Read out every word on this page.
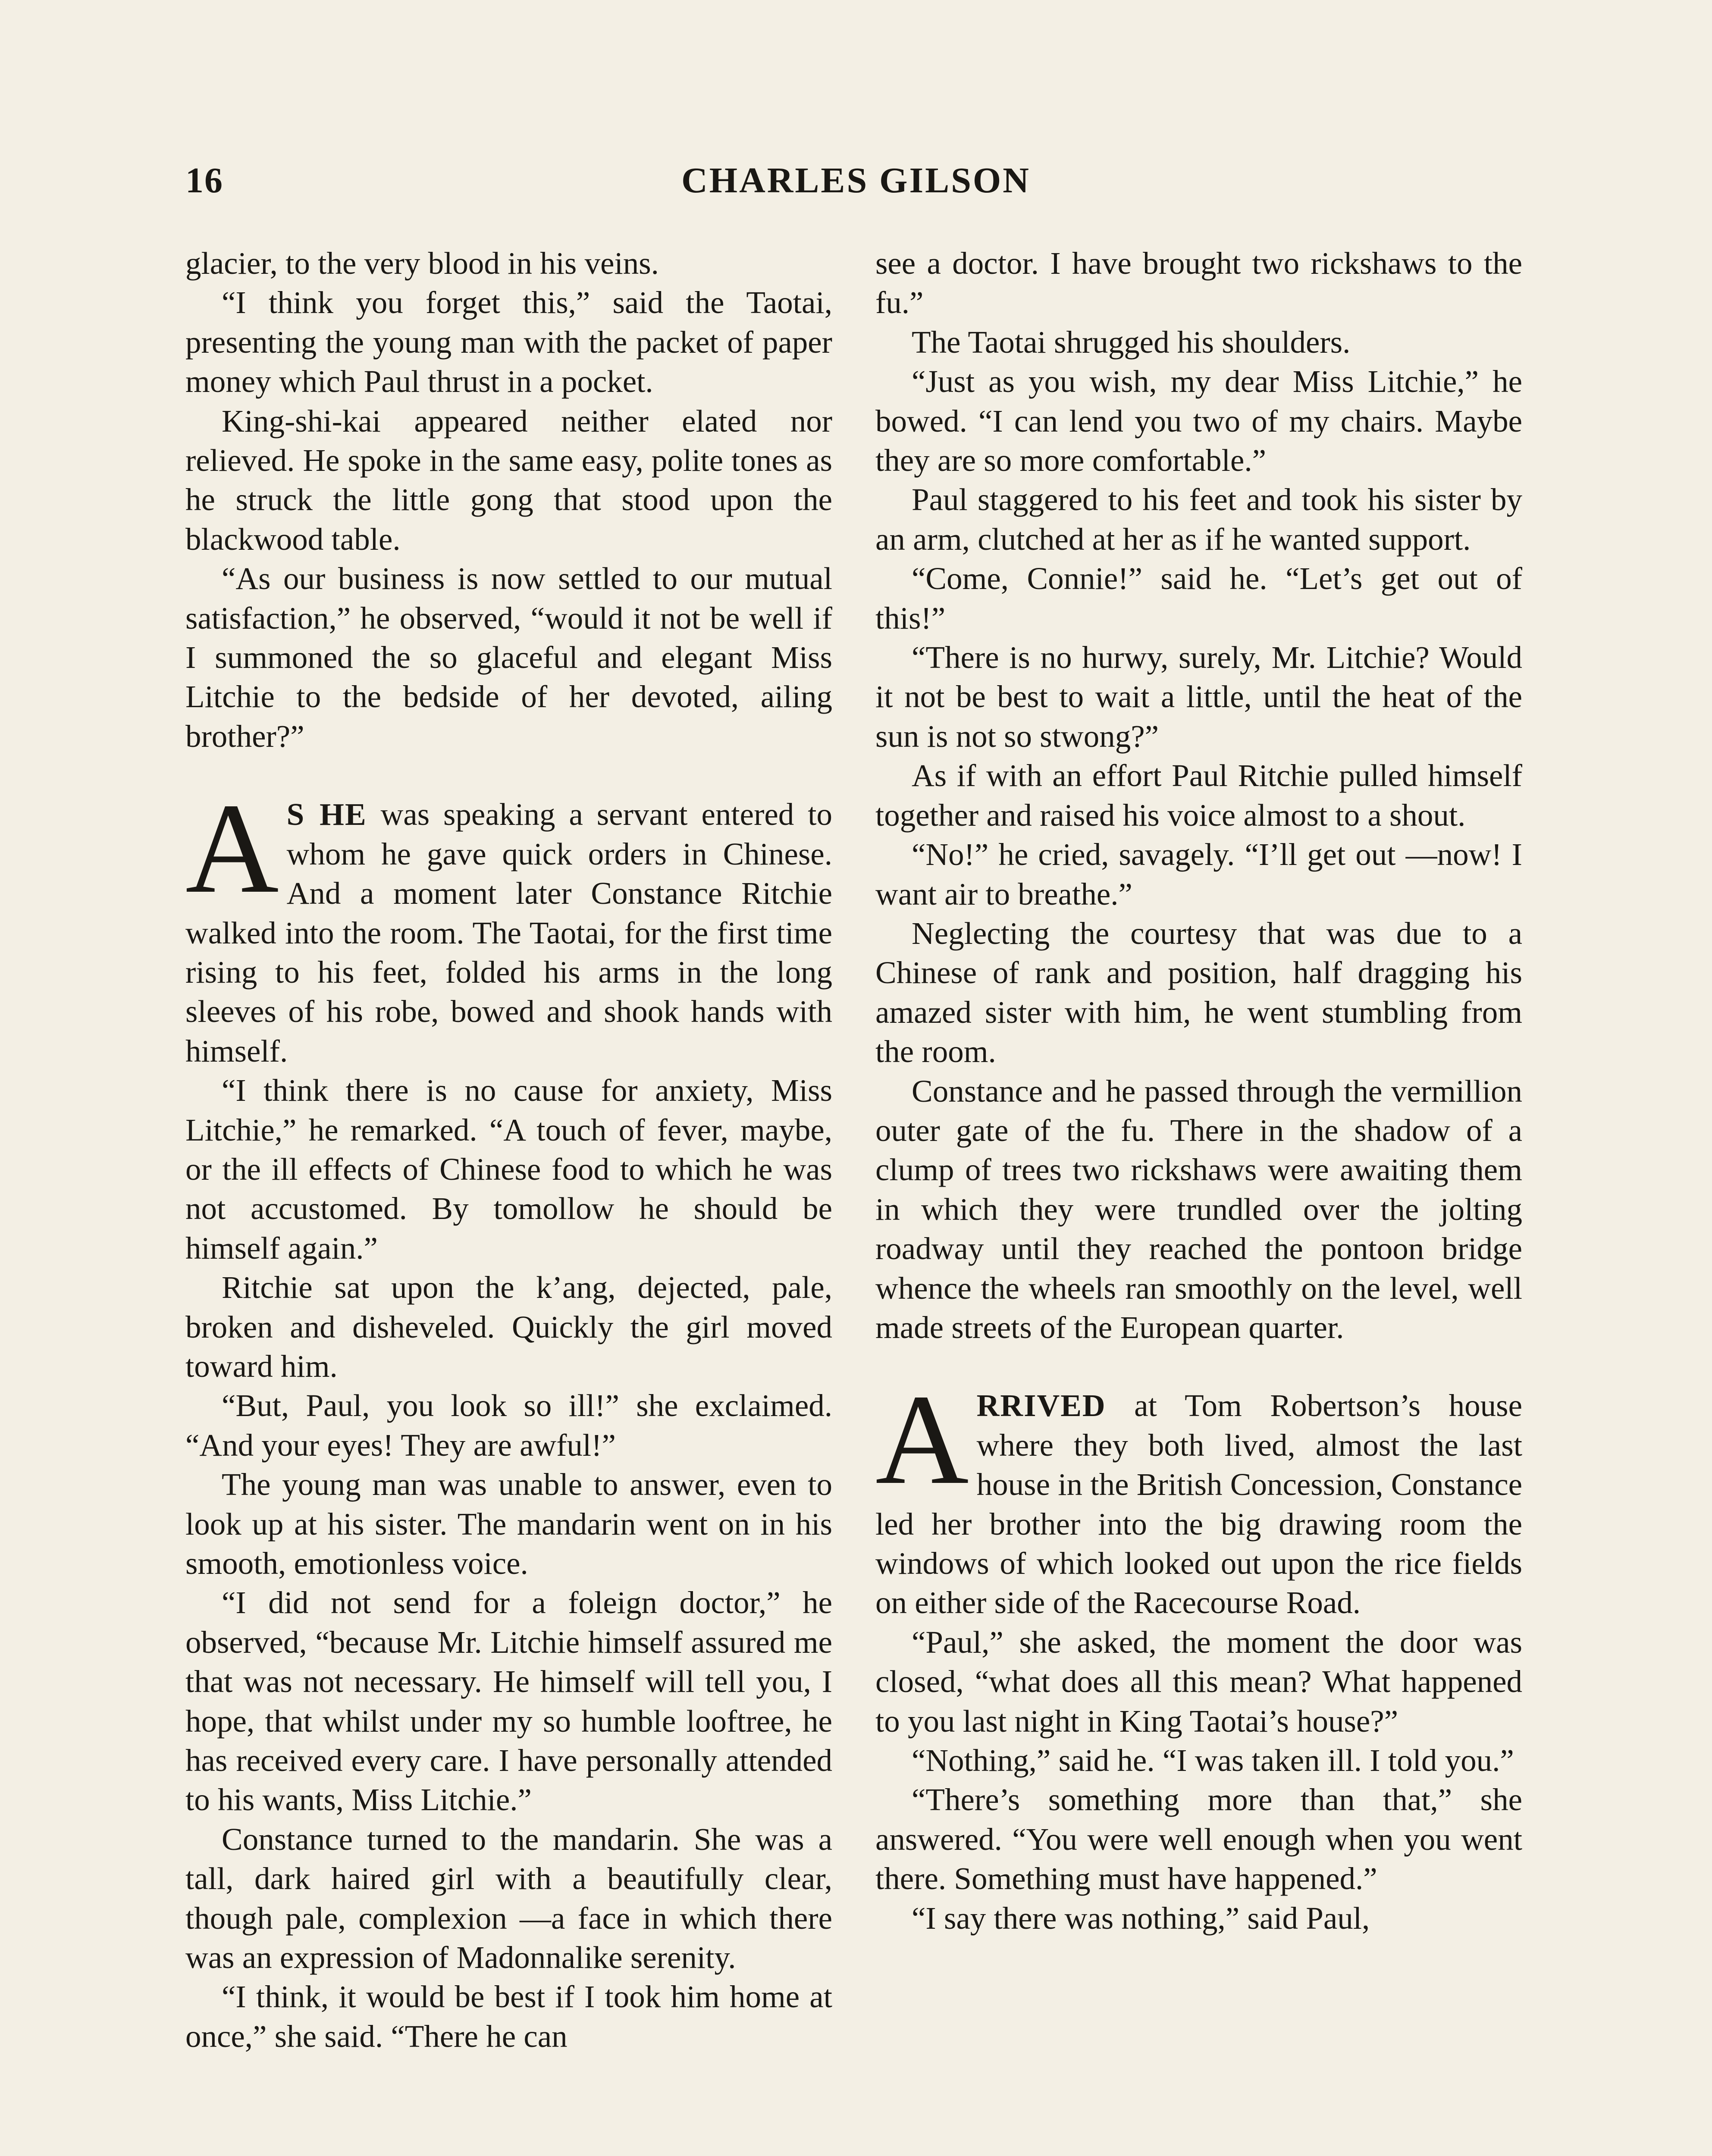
16	CHARLES GILSON

glacier, to the very blood in his veins.

“I think you forget this,” said the Taotai, presenting the young man with the packet of paper money which Paul thrust in a pocket.

King-shi-kai appeared neither elated nor relieved. He spoke in the same easy, polite tones as he struck the little gong that stood upon the blackwood table.

“As our business is now settled to our mutual satisfaction,” he observed, “would it not be well if I summoned the so glaceful and elegant Miss Litchie to the bedside of her devoted, ailing brother?”

A S HE was speaking a servant entered to whom he gave quick orders in Chinese. And a moment later Constance Ritchie walked into the room. The Taotai, for the first time rising to his feet, folded his arms in the long sleeves of his robe, bowed and shook hands with himself.

“I think there is no cause for anxiety, Miss Litchie,” he remarked. “A touch of fever, maybe, or the ill effects of Chinese food to which he was not accustomed. By tomollow he should be himself again.”

Ritchie sat upon the k’ang, dejected, pale, broken and disheveled. Quickly the girl moved toward him.

“But, Paul, you look so ill!” she exclaimed. “And your eyes! They are awful!”

The young man was unable to answer, even to look up at his sister. The mandarin went on in his smooth, emotionless voice.

“I did not send for a foleign doctor,” he observed, “because Mr. Litchie himself assured me that was not necessary. He himself will tell you, I hope, that whilst under my so humble looftree, he has received every care. I have personally attended to his wants, Miss Litchie.”

Constance turned to the mandarin. She was a tall, dark haired girl with a beautifully clear, though pale, complexion —a face in which there was an expression of Madonnalike serenity.

“I think, it would be best if I took him home at once,” she said. “There he can

see a doctor. I have brought two rickshaws to the fu.”

The Taotai shrugged his shoulders.

“Just as you wish, my dear Miss Litchie,” he bowed. “I can lend you two of my chairs. Maybe they are so more comfortable.”

Paul staggered to his feet and took his sister by an arm, clutched at her as if he wanted support.

“Come, Connie!” said he. “Let’s get out of this!”

“There is no hurwy, surely, Mr. Litchie? Would it not be best to wait a little, until the heat of the sun is not so stwong?”

As if with an effort Paul Ritchie pulled himself together and raised his voice almost to a shout.

“No!” he cried, savagely. “I’ll get out —now! I want air to breathe.”

Neglecting the courtesy that was due to a Chinese of rank and position, half dragging his amazed sister with him, he went stumbling from the room.

Constance and he passed through the vermillion outer gate of the fu. There in the shadow of a clump of trees two rickshaws were awaiting them in which they were trundled over the jolting roadway until they reached the pontoon bridge whence the wheels ran smoothly on the level, well made streets of the European quarter.

ARRIVED at Tom Robertson’s house where they both lived, almost the last house in the British Concession, Constance led her brother into the big drawing room the windows of which looked out upon the rice fields on either side of the Racecourse Road.

“Paul,” she asked, the moment the door was closed, “what does all this mean? What happened to you last night in King Taotai’s house?”

“Nothing,” said he. “I was taken ill. I told you.”

“There’s something more than that,” she answered. “You were well enough when you went there. Something must have happened.”

“I say there was nothing,” said Paul,
